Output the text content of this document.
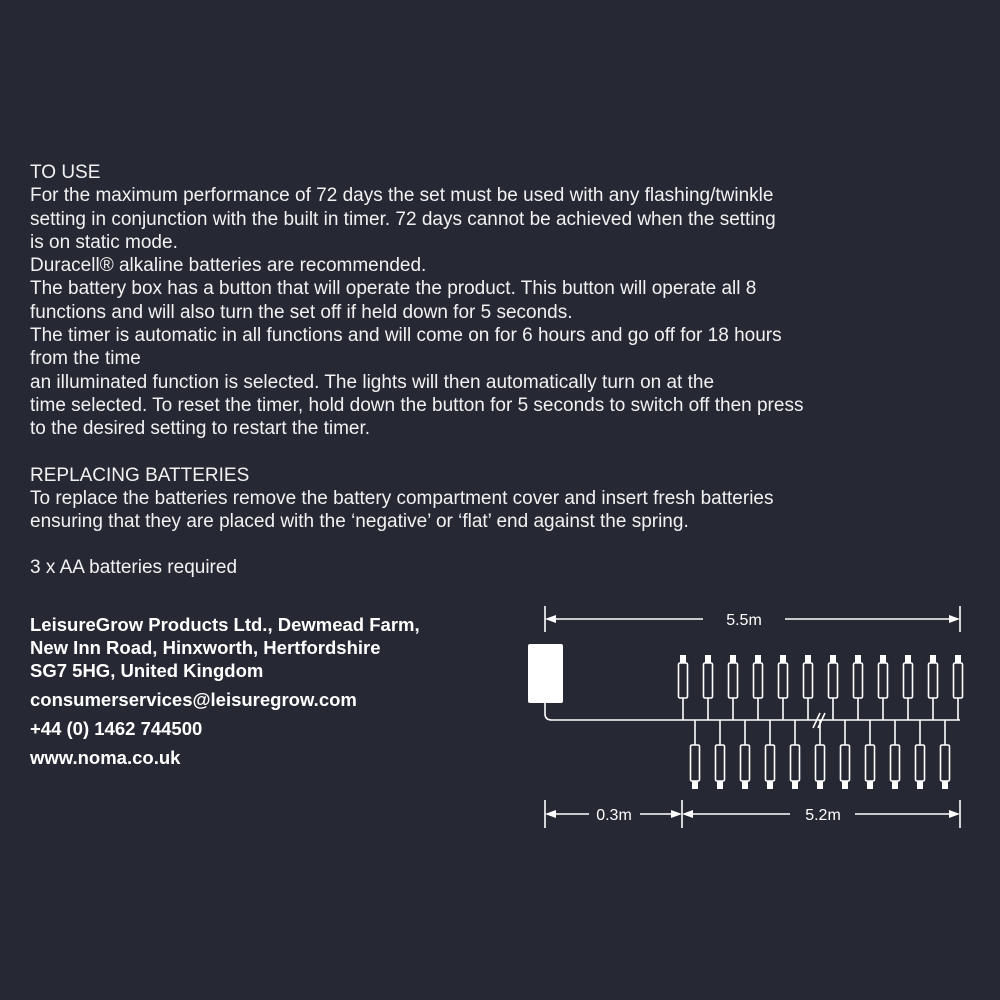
TO USE

For the maximum performance of 72 days the set must be used with any flashing/twinkle

setting in conjunction with the built in timer. 72 days cannot be achieved when the setting

is on static mode.

Duracell® alkaline batteries are recommended.

The battery box has a button that will operate the product. This button will operate all 8

functions and will also turn the set off if held down for 5 seconds.

The timer is automatic in all functions and will come on for 6 hours and go off for 18 hours

from the time

an illuminated function is selected. The lights will then automatically turn on at the

time selected. To reset the timer, hold down the button for 5 seconds to switch off then press

to the desired setting to restart the timer.

REPLACING BATTERIES

To replace the batteries remove the battery compartment cover and insert fresh batteries

ensuring that they are placed with the ‘negative’ or ‘flat’ end against the spring.

3 x AA batteries required

LeisureGrow Products Ltd., Dewmead Farm,

New Inn Road, Hinxworth, Hertfordshire

SG7 5HG, United Kingdom

consumerservices@leisuregrow.com

+44 (0) 1462 744500

www.noma.co.uk

5.5m
0.3m	5.2m
